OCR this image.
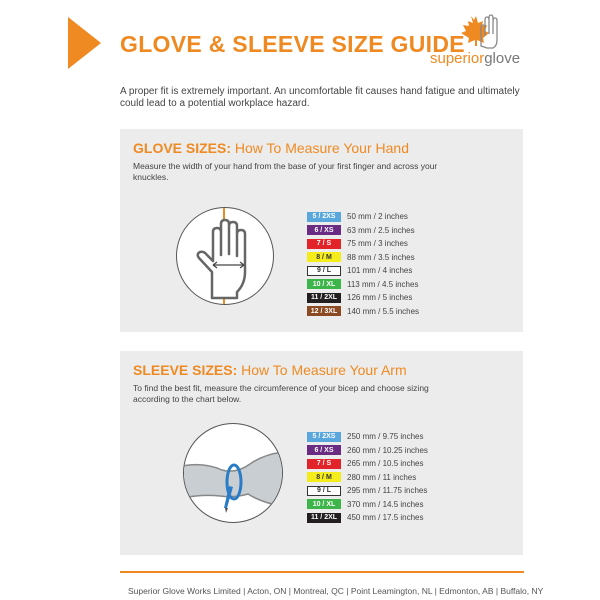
GLOVE & SLEEVE SIZE GUIDE
superiorglove
A proper fit is extremely important. An uncomfortable fit causes hand fatigue and ultimately could lead to a potential workplace hazard.
GLOVE SIZES: How To Measure Your Hand
Measure the width of your hand from the base of your first finger and across your knuckles.
5 / 2XS	50 mm / 2 inches
6 / XS	63 mm / 2.5 inches
7 / S	75 mm / 3 inches
8 / M	88 mm / 3.5 inches
9 / L	101 mm / 4 inches
10 / XL	113 mm / 4.5 inches
11 / 2XL	126 mm / 5 inches
12 / 3XL	140 mm / 5.5 inches
SLEEVE SIZES: How To Measure Your Arm
To find the best fit, measure the circumference of your bicep and choose sizing according to the chart below.
5 / 2XS	250 mm / 9.75 inches
6 / XS	260 mm / 10.25 inches
7 / S	265 mm / 10.5 inches
8 / M	280 mm / 11 inches
9 / L	295 mm / 11.75 inches
10 / XL	370 mm / 14.5 inches
11 / 2XL	450 mm / 17.5 inches
Superior Glove Works Limited | Acton, ON | Montreal, QC | Point Leamington, NL | Edmonton, AB | Buffalo, NY
